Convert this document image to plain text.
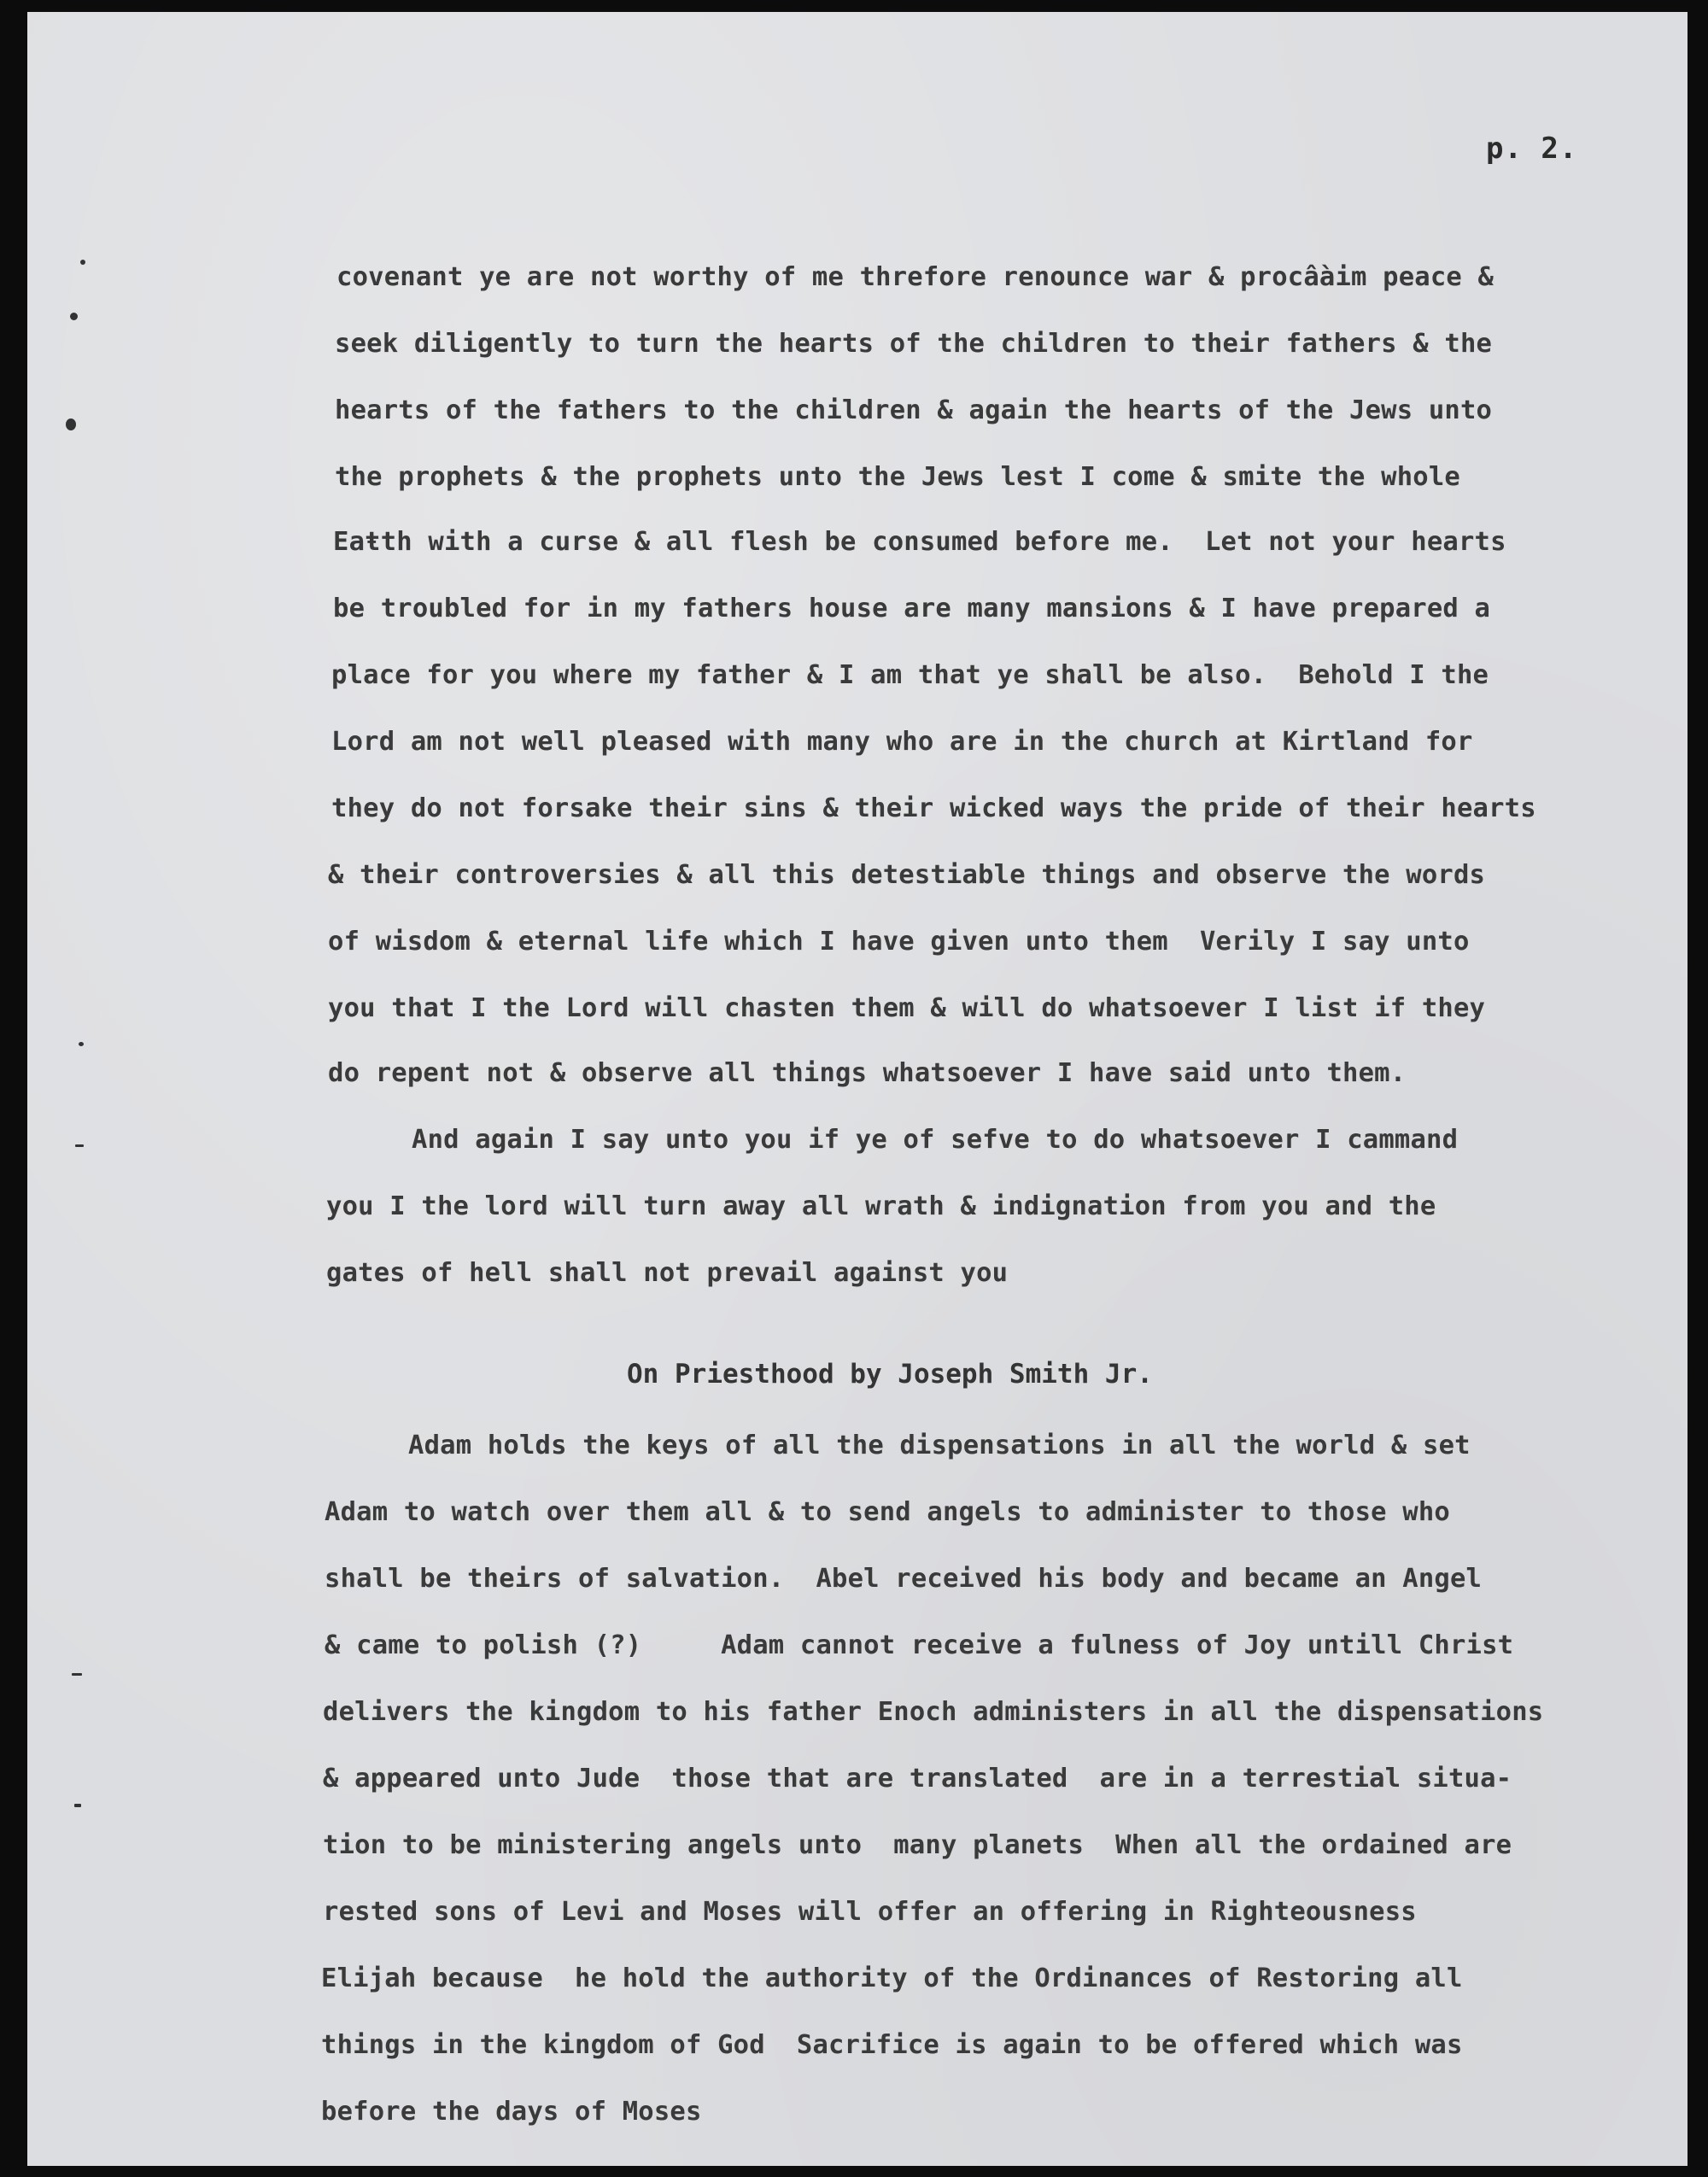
p. 2.
covenant ye are not worthy of me threfore renounce war & procâàim peace &
seek diligently to turn the hearts of the children to their fathers & the
hearts of the fathers to the children & again the hearts of the Jews unto
the prophets & the prophets unto the Jews lest I come & smite the whole
Eaŧth with a curse & all flesh be consumed before me.  Let not your hearts
be troubled for in my fathers house are many mansions & I have prepared a
place for you where my father & I am that ye shall be also.  Behold I the
Lord am not well pleased with many who are in the church at Kirtland for
they do not forsake their sins & their wicked ways the pride of their hearts
& their controversies & all this detestiable things and observe the words
of wisdom & eternal life which I have given unto them  Verily I say unto
you that I the Lord will chasten them & will do whatsoever I list if they
do repent not & observe all things whatsoever I have said unto them.
And again I say unto you if ye of sefve to do whatsoever I cammand
you I the lord will turn away all wrath & indignation from you and the
gates of hell shall not prevail against you
On Priesthood by Joseph Smith Jr.
Adam holds the keys of all the dispensations in all the world & set
Adam to watch over them all & to send angels to administer to those who
shall be theirs of salvation.  Abel received his body and became an Angel
& came to polish (?)     Adam cannot receive a fulness of Joy untill Christ
delivers the kingdom to his father Enoch administers in all the dispensations
& appeared unto Jude  those that are translated  are in a terrestial situa-
tion to be ministering angels unto  many planets  When all the ordained are
rested sons of Levi and Moses will offer an offering in Righteousness
Elijah because  he hold the authority of the Ordinances of Restoring all
things in the kingdom of God  Sacrifice is again to be offered which was
before the days of Moses
